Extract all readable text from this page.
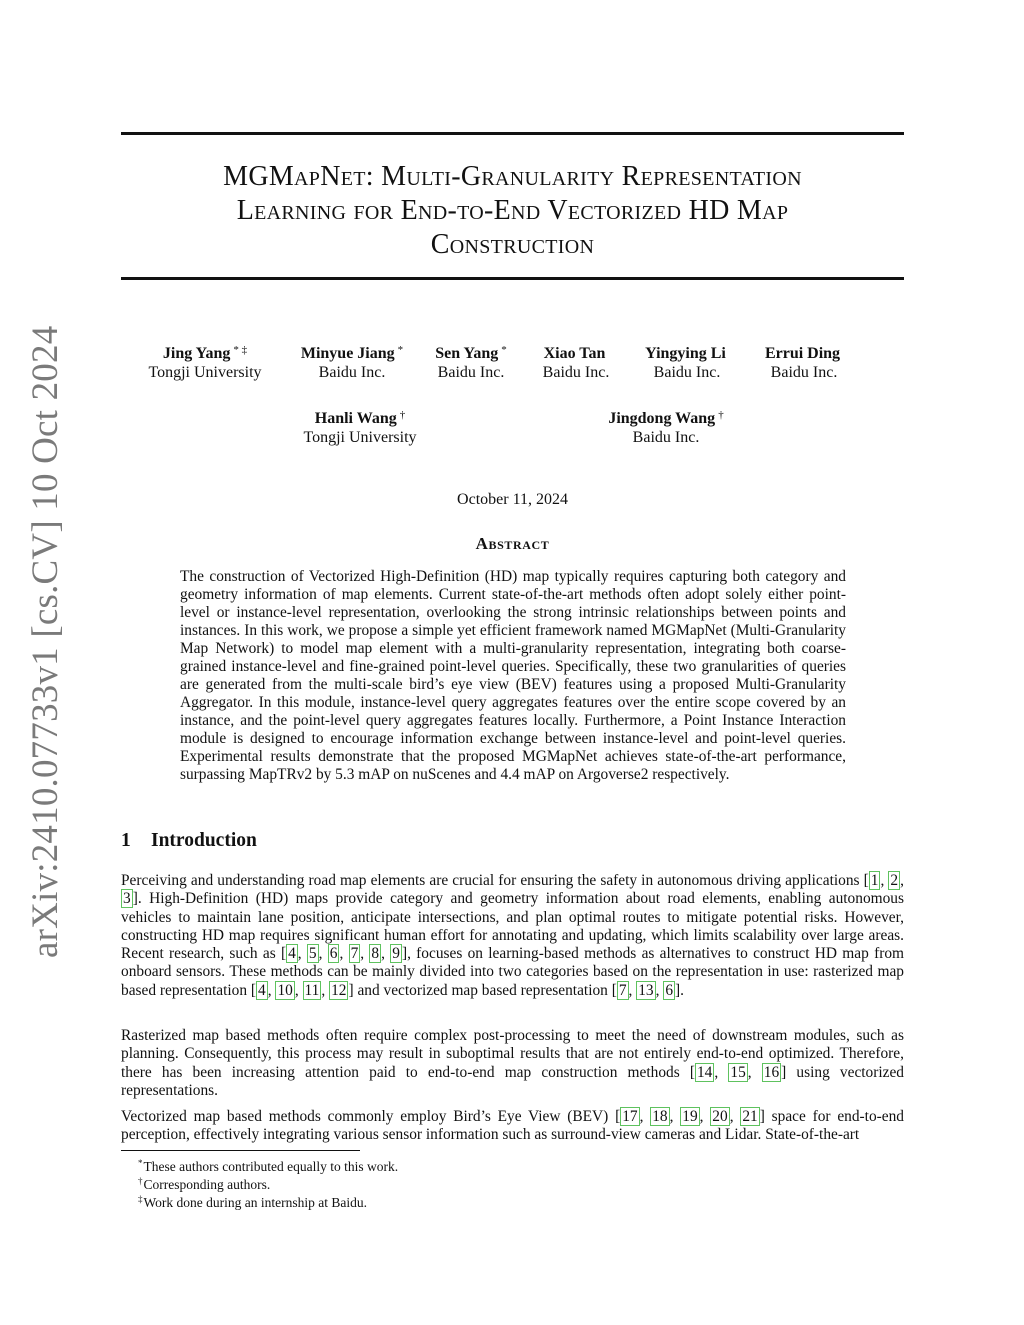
arXiv:2410.07733v1 [cs.CV] 10 Oct 2024
MGMapNet: Multi-Granularity Representation
Learning for End-to-End Vectorized HD Map
Construction
Jing Yang * ‡
Tongji University
Minyue Jiang *
Baidu Inc.
Sen Yang *
Baidu Inc.
Xiao Tan
Baidu Inc.
Yingying Li
Baidu Inc.
Errui Ding
Baidu Inc.
Hanli Wang †
Tongji University
Jingdong Wang †
Baidu Inc.
October 11, 2024
Abstract
The construction of Vectorized High-Definition (HD) map typically requires capturing both category and geometry information of map elements. Current state-of-the-art methods often adopt solely either point-level or instance-level representation, overlooking the strong intrinsic relationships between points and instances. In this work, we propose a simple yet efficient framework named MGMapNet (Multi-Granularity Map Network) to model map element with a multi-granularity representation, integrating both coarse-grained instance-level and fine-grained point-level queries. Specifically, these two granularities of queries are generated from the multi-scale bird’s eye view (BEV) features using a proposed Multi-Granularity Aggregator. In this module, instance-level query aggregates features over the entire scope covered by an instance, and the point-level query aggregates features locally. Furthermore, a Point Instance Interaction module is designed to encourage information exchange between instance-level and point-level queries. Experimental results demonstrate that the proposed MGMapNet achieves state-of-the-art performance, surpassing MapTRv2 by 5.3 mAP on nuScenes and 4.4 mAP on Argoverse2 respectively.
1 Introduction
Perceiving and understanding road map elements are crucial for ensuring the safety in autonomous driving applications [ 1 , 2 , 3 ]. High-Definition (HD) maps provide category and geometry information about road elements, enabling autonomous vehicles to maintain lane position, anticipate intersections, and plan optimal routes to mitigate potential risks. However, constructing HD map requires significant human effort for annotating and updating, which limits scalability over large areas. Recent research, such as [ 4 , 5 , 6 , 7 , 8 , 9 ], focuses on learning-based methods as alternatives to construct HD map from onboard sensors. These methods can be mainly divided into two categories based on the representation in use: rasterized map based representation [ 4 , 10 , 11 , 12 ] and vectorized map based representation [ 7 , 13 , 6 ].
Rasterized map based methods often require complex post-processing to meet the need of downstream modules, such as planning. Consequently, this process may result in suboptimal results that are not entirely end-to-end optimized. Therefore, there has been increasing attention paid to end-to-end map construction methods [ 14 , 15 , 16 ] using vectorized representations.
Vectorized map based methods commonly employ Bird’s Eye View (BEV) [ 17 , 18 , 19 , 20 , 21 ] space for end-to-end perception, effectively integrating various sensor information such as surround-view cameras and Lidar. State-of-the-art
*These authors contributed equally to this work.
†Corresponding authors.
‡Work done during an internship at Baidu.
